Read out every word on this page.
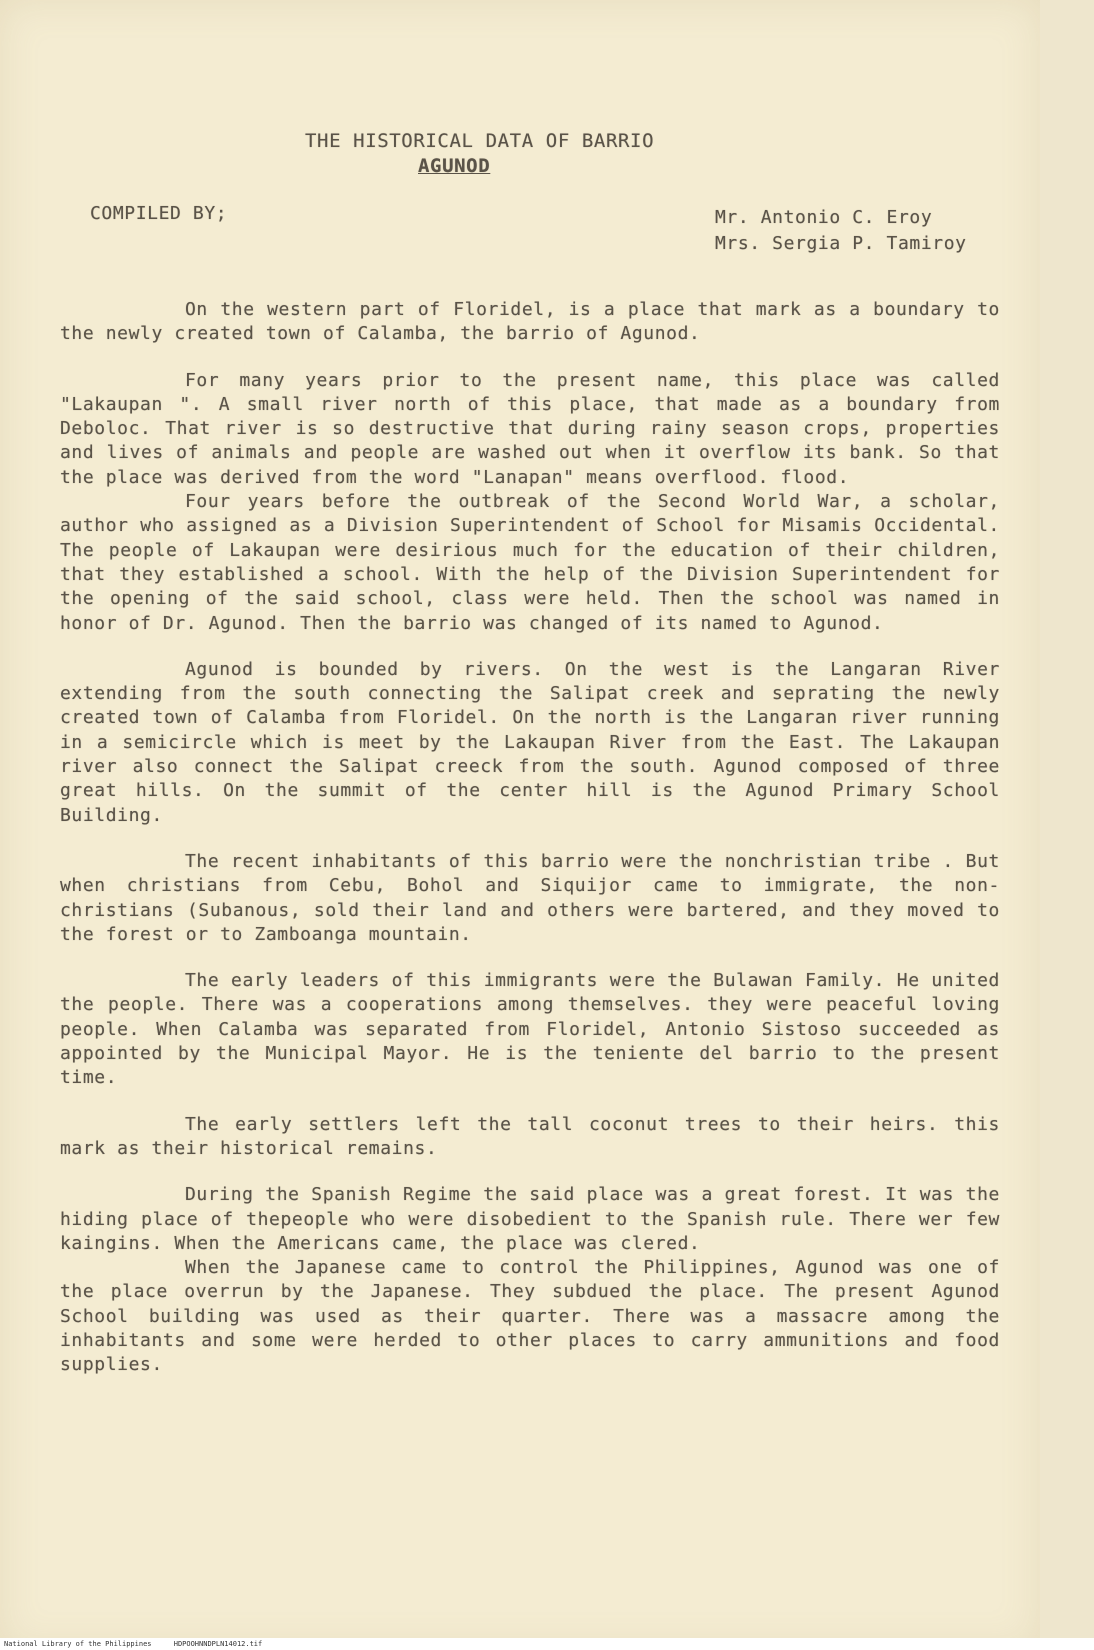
THE HISTORICAL DATA OF BARRIO
AGUNOD
COMPILED BY;	Mr. Antonio C. Eroy
Mrs. Sergia P. Tamiroy

On the western part of Floridel, is a place that mark as a boundary to the newly created town of Calamba, the barrio of Agunod.

For many years prior to the present name, this place was called "Lakaupan ". A small river north of this place, that made as a boundary from Deboloc. That river is so destructive that during rainy season crops, properties and lives of animals and people are washed out when it overflow its bank. So that the place was derived from the word "Lanapan" means overflood. flood.

Four years before the outbreak of the Second World War, a scholar, author who assigned as a Division Superintendent of School for Misamis Occidental. The people of Lakaupan were desirious much for the education of their children, that they established a school. With the help of the Division Superintendent for the opening of the said school, class were held. Then the school was named in honor of Dr. Agunod. Then the barrio was changed of its named to Agunod.

Agunod is bounded by rivers. On the west is the Langaran River extending from the south connecting the Salipat creek and seprating the newly created town of Calamba from Floridel. On the north is the Langaran river running in a semicircle which is meet by the Lakaupan River from the East. The Lakaupan river also connect the Salipat creeck from the south. Agunod composed of three great hills. On the summit of the center hill is the Agunod Primary School Building.

The recent inhabitants of this barrio were the nonchristian tribe . But when christians from Cebu, Bohol and Siquijor came to immigrate, the non-christians (Subanous, sold their land and others were bartered, and they moved to the forest or to Zamboanga mountain.

The early leaders of this immigrants were the Bulawan Family. He united the people. There was a cooperations among themselves. they were peaceful loving people. When Calamba was separated from Floridel, Antonio Sistoso succeeded as appointed by the Municipal Mayor. He is the teniente del barrio to the present time.

The early settlers left the tall coconut trees to their heirs. this mark as their historical remains.

During the Spanish Regime the said place was a great forest. It was the hiding place of thepeople who were disobedient to the Spanish rule. There wer few kaingins. When the Americans came, the place was clered.

When the Japanese came to control the Philippines, Agunod was one of the place overrun by the Japanese. They subdued the place. The present Agunod School building was used as their quarter. There was a massacre among the inhabitants and some were herded to other places to carry ammunitions and food supplies.

National Library of the Philippines	HDPOOHNNDPLN14012.tif
